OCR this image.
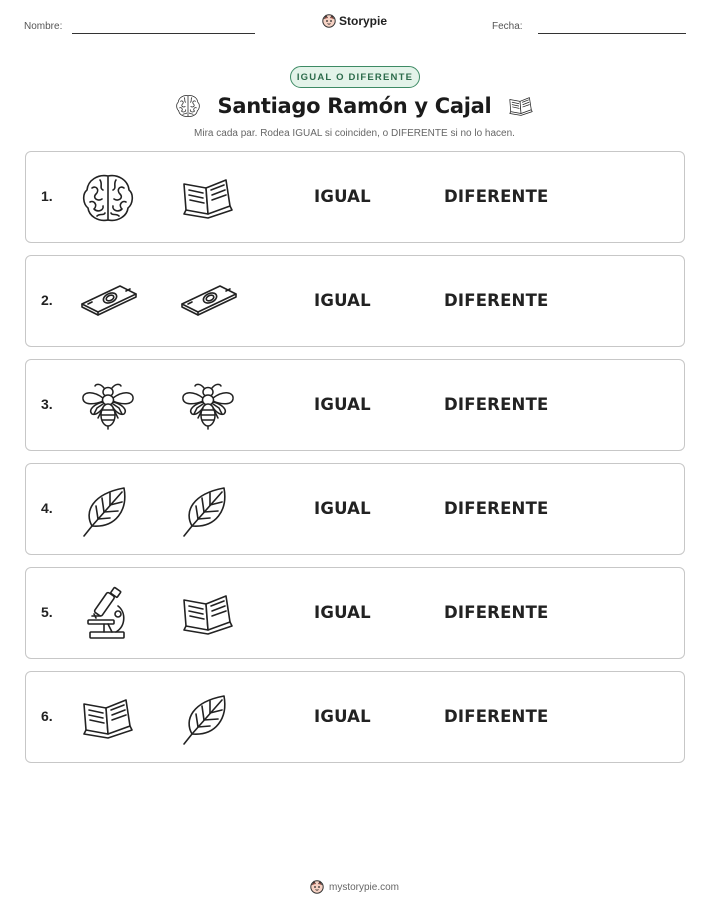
Nombre:	Storypie	Fecha:
IGUAL O DIFERENTE
Santiago Ramón y Cajal
Mira cada par. Rodea IGUAL si coinciden, o DIFERENTE si no lo hacen.
1.	IGUAL	DIFERENTE
2.	IGUAL	DIFERENTE
3.	IGUAL	DIFERENTE
4.	IGUAL	DIFERENTE
5.	IGUAL	DIFERENTE
6.	IGUAL	DIFERENTE
mystorypie.com
